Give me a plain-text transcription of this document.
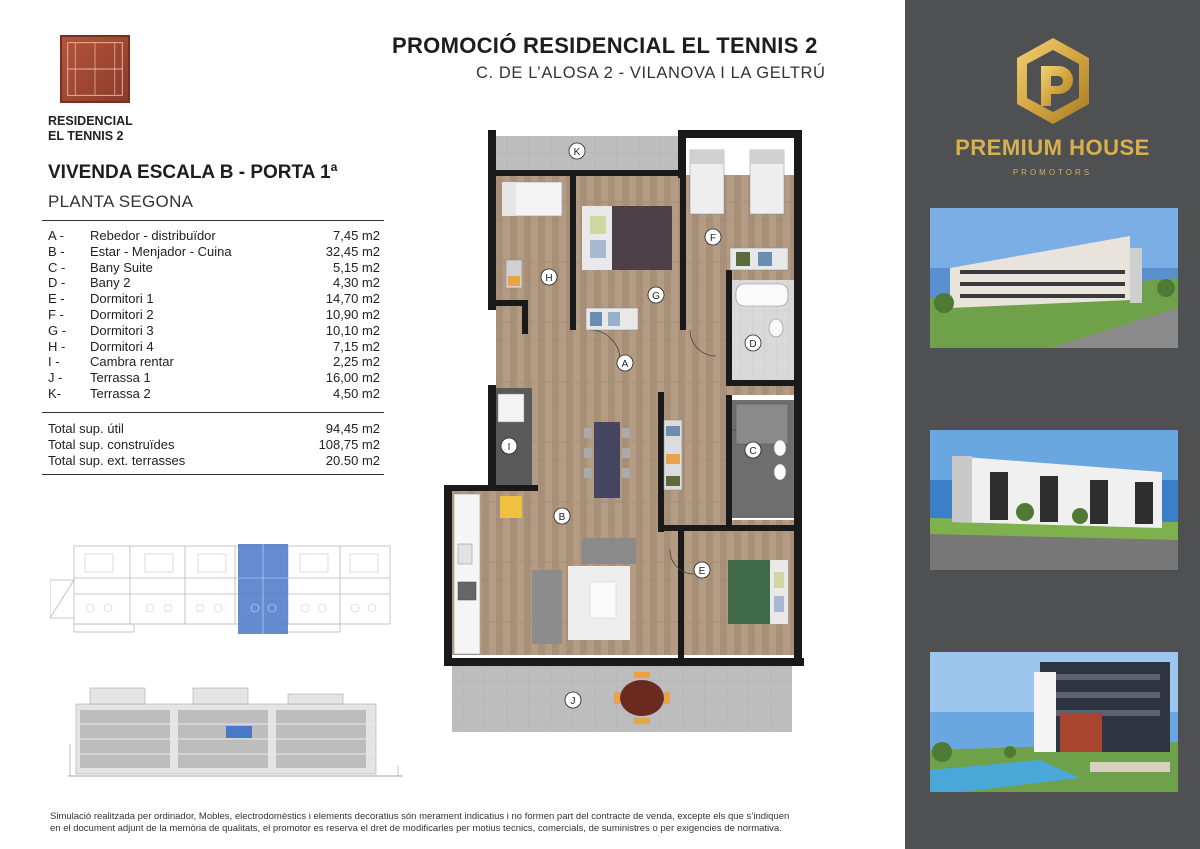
RESIDENCIAL
EL TENNIS 2
PROMOCIÓ RESIDENCIAL EL TENNIS 2
C. DE L’ALOSA 2 - VILANOVA I LA GELTRÚ
VIVENDA ESCALA B - PORTA 1ª
PLANTA SEGONA
A -	Rebedor - distribuïdor	7,45 m2
B -	Estar - Menjador - Cuina	32,45 m2
C -	Bany Suite	5,15 m2
D -	Bany 2	4,30 m2
E -	Dormitori 1	14,70 m2
F -	Dormitori 2	10,90 m2
G -	Dormitori 3	10,10 m2
H -	Dormitori 4	7,15 m2
I -	Cambra rentar	2,25 m2
J -	Terrassa 1	16,00 m2
K-	Terrassa 2	4,50 m2
Total sup. útil	94,45 m2
Total sup. construïdes	108,75 m2
Total sup. ext. terrasses	20.50 m2
K
H
G
F
A
D
C
I
B
E
J
Simulació realitzada per ordinador, Mobles, electrodomèstics i elements decoratius són merament indicatius i no formen part del contracte de venda, excepte els que s’indiquen
en el document adjunt de la memòria de qualitats, el promotor es reserva el dret de modificarles per motius tecnics, comercials, de suministres o per exigencies de normativa.
PREMIUM HOUSE
PROMOTORS
